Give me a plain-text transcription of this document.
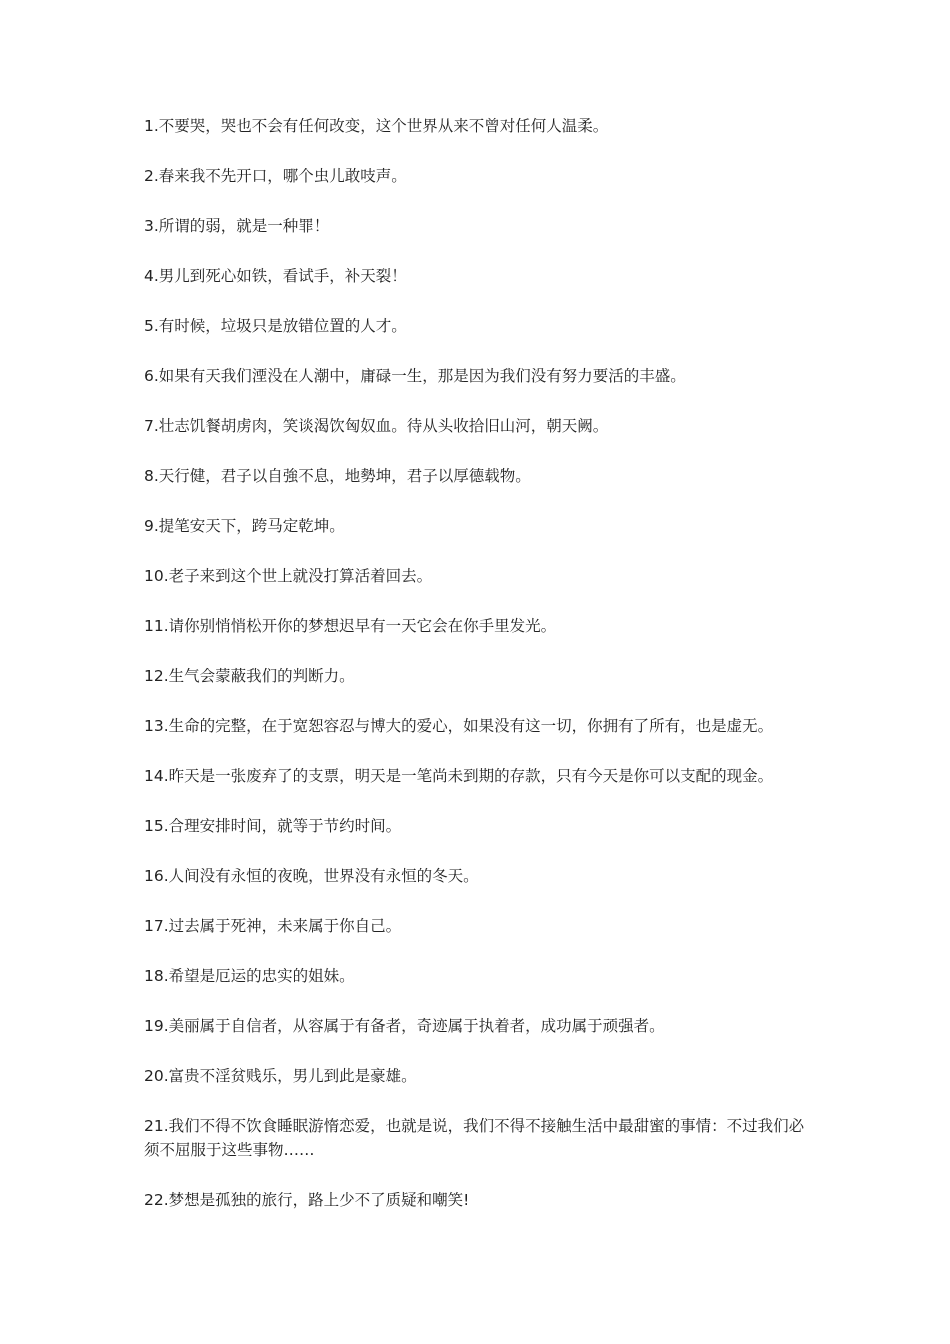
1.不要哭，哭也不会有任何改变，这个世界从来不曾对任何人温柔。

2.春来我不先开口，哪个虫儿敢吱声。

3.所谓的弱，就是一种罪！

4.男儿到死心如铁，看试手，补天裂！

5.有时候，垃圾只是放错位置的人才。

6.如果有天我们湮没在人潮中，庸碌一生，那是因为我们没有努力要活的丰盛。

7.壮志饥餐胡虏肉，笑谈渴饮匈奴血。待从头收拾旧山河，朝天阙。

8.天行健，君子以自強不息，地勢坤，君子以厚德载物。

9.提笔安天下，跨马定乾坤。

10.老子来到这个世上就没打算活着回去。

11.请你别悄悄松开你的梦想迟早有一天它会在你手里发光。

12.生气会蒙蔽我们的判断力。

13.生命的完整，在于宽恕容忍与博大的爱心，如果没有这一切，你拥有了所有，也是虚无。

14.昨天是一张废弃了的支票，明天是一笔尚未到期的存款，只有今天是你可以支配的现金。

15.合理安排时间，就等于节约时间。

16.人间没有永恒的夜晚，世界没有永恒的冬天。

17.过去属于死神，未来属于你自己。

18.希望是厄运的忠实的姐妹。

19.美丽属于自信者，从容属于有备者，奇迹属于执着者，成功属于顽强者。

20.富贵不淫贫贱乐，男儿到此是豪雄。

21.我们不得不饮食睡眠游惰恋爱，也就是说，我们不得不接触生活中最甜蜜的事情：不过我们必须不屈服于这些事物……

22.梦想是孤独的旅行，路上少不了质疑和嘲笑!
